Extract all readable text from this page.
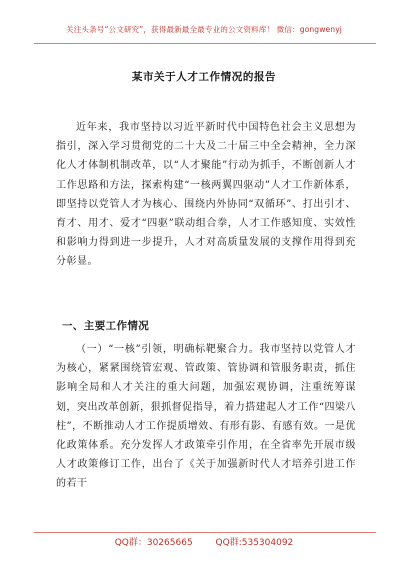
关注头条号“公文研究”，获得最新最全最专业的公文资料库！ 微信：gongwenyj
某市关于人才工作情况的报告

近年来，我市坚持以习近平新时代中国特色社会主义思想为指引，深入学习贯彻党的二十大及二十届三中全会精神，全力深化人才体制机制改革，以“人才聚能”行动为抓手，不断创新人才工作思路和方法，探索构建“一核两翼四驱动”人才工作新体系，即坚持以党管人才为核心、围绕内外协同“双循环”、打出引才、育才、用才、爱才“四驱”联动组合拳，人才工作感知度、实效性和影响力得到进一步提升，人才对高质量发展的支撑作用得到充分彰显。

一、主要工作情况

（一）“一核”引领，明确标靶聚合力。我市坚持以党管人才为核心，紧紧围绕管宏观、管政策、管协调和管服务职责，抓住影响全局和人才关注的重大问题，加强宏观协调，注重统筹谋划，突出改革创新，狠抓督促指导，着力搭建起人才工作“四梁八柱”，不断推动人才工作提质增效、有形有影、有感有效。一是优化政策体系。充分发挥人才政策牵引作用，在全省率先开展市级人才政策修订工作，出台了《关于加强新时代人才培养引进工作的若干

QQ群：30265665	QQ群:535304092
